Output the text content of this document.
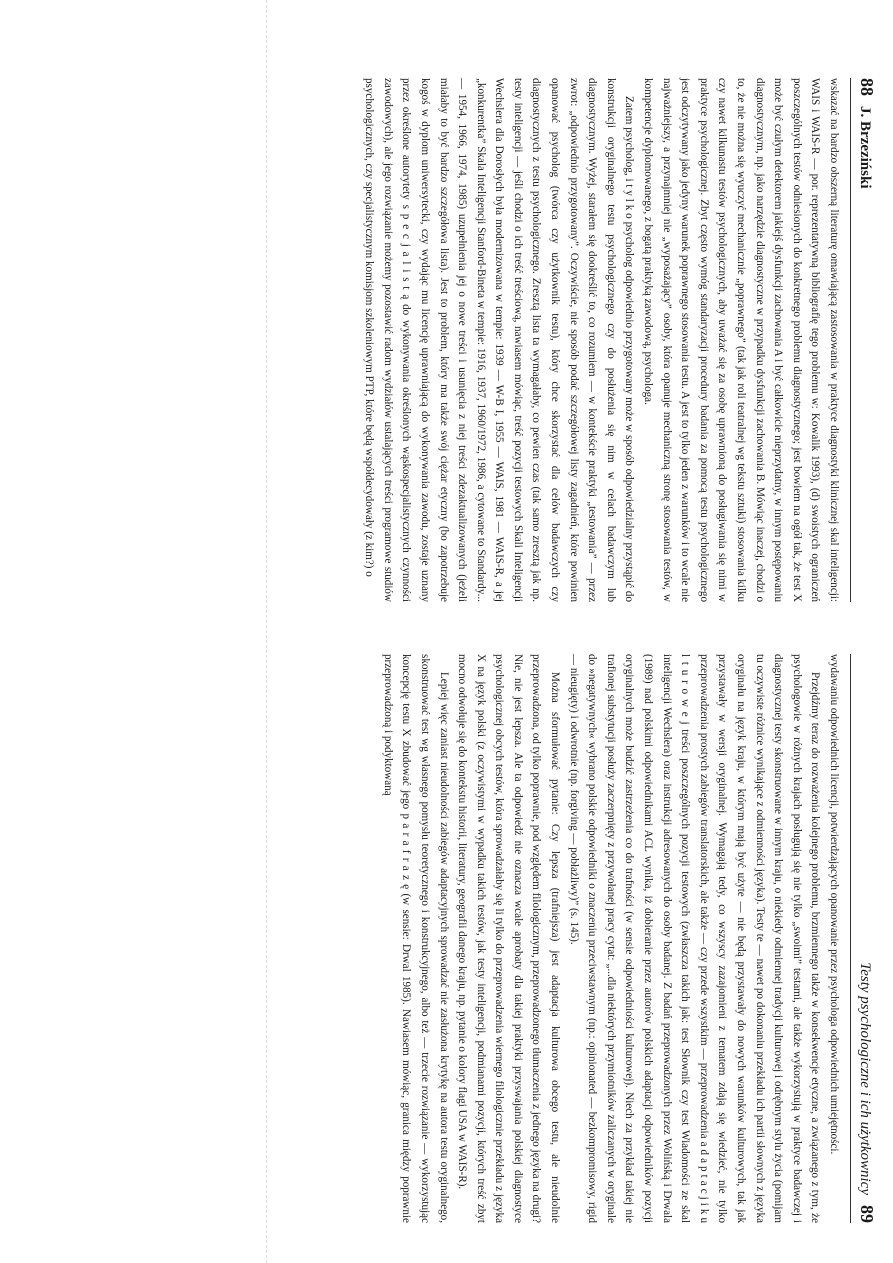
88
J. Brzeziński

wskazać na bardzo obszerną literaturę omawiającą zastosowania w praktyce diagnostyki klinicznej skal inteligencji: WAIS i WAIS-R — por. reprezentatywną bibliografię tego problemu w: Kowalik 1993), (d) swoistych ograniczeń poszczególnych testów odniesionych do konkretnego problemu diagnostycznego; jest bowiem na ogół tak, że test X może być czułym detektorem jakiejś dysfunkcji zachowania A i być całkowicie nieprzydatny, w innym postępowaniu diagnostycznym, np. jako narzędzie diagnostyczne w przypadku dysfunkcji zachowania B. Mówiąc inaczej, chodzi o to, że nie można się wyuczyć mechanicznie „poprawnego” (tak jak roli teatralnej wg tekstu sztuki) stosowania kilku czy nawet kilkunastu testów psychologicznych, aby uważać się za osobę uprawnioną do posługiwania się nimi w praktyce psychologicznej. Zbyt często wymóg standaryzacji procedury badania za pomocą testu psychologicznego jest odczytywany jako jedyny warunek poprawnego stosowania testu. A jest to tylko jeden z warunków i to wcale nie najważniejszy, a przynajmniej nie „wyposażający” osoby, która opanuje mechaniczną stronę stosowania testów, w kompetencje dyplomowanego, z bogatą praktyką zawodową, psychologa.

Zatem psycholog, i t y l k o psycholog odpowiednio przygotowany może w sposób odpowiedzialny przystąpić do konstrukcji oryginalnego testu psychologicznego czy do posłużenia się nim w celach badawczym lub diagnostycznym. Wyżej, starałem się dookreślić to, co rozumiem — w kontekście praktyki „testowania” — przez zwrot: „odpowiednio przygotowany”. Oczywiście, nie sposób podać szczegółowej listy zagadnień, które powinien opanować psycholog (twórca czy użytkownik testu), który chce skorzystać dla celów badawczych czy diagnostycznych z testu psychologicznego. Zresztą lista ta wymagałaby, co pewien czas (tak samo zresztą jak np. testy inteligencji — jeśli chodzi o ich treść treściową, nawiasem mówiąc, treść pozycji testowych Skali Inteligencji Wechslera dla Dorosłych była modernizowana w tempie: 1939 — W-B I, 1955 — WAIS, 1981 — WAIS-R, a jej „konkurentka” Skala Inteligencji Stanford-Bineta w tempie: 1916, 1937, 1960/1972, 1986, a cytowane to Standardy... — 1954, 1966, 1974, 1985) uzupełnienia jej o nowe treści i usunięcia z niej treści zdezaktualizowanych (jeżeli miałaby to być bardzo szczegółowa lista). Jest to problem, który ma także swój ciężar etyczny (bo zapotrzebuje kogoś w dyplom uniwersytecki, czy wydając mu licencję uprawniającą do wykonywania zawodu, zostaje uznany przez określone autorytety s p e c j a l i s t ą do wykonywania określonych wąskospecjalistycznych czynności zawodowych), ale jego rozwiązanie możemy pozostawić radom wydziałów ustalających treści programowe studiów psychologicznych, czy specjalistycznym komisjom szkoleniowym PTP, które będą współdecydowały (z kim?) o

Testy psychologiczne i ich użytkownicy
89

wydawaniu odpowiednich licencji, potwierdzających opanowanie przez psychologa odpowiednich umiejętności.

Przejdźmy teraz do rozważenia kolejnego problemu, brzmiennego także w konsekwencje etyczne, a związanego z tym, że psychologowie w różnych krajach posługują się nie tylko „swoimi” testami, ale także wykorzystują w praktyce badawczej i diagnostycznej testy skonstruowane w innym kraju, o niekiedy odmiennej tradycji kulturowej i odrębnym stylu życia (pomijam tu oczywiste różnice wynikające z odmienności języka). Testy te — nawet po dokonaniu przekładu ich partii słownych z języka oryginału na język kraju, w którym mają być użyte — nie będą przystawały do nowych warunków kulturowych, tak jak przystawały w wersji oryginalnej. Wymagają tedy, co wszyscy zazajomieni z tematem zdają się wiedzieć, nie tylko przeprowadzenia prostych zabiegów translatorskich, ale także — czy przede wszystkim — przeprowadzenia a d a p t a c j i k u l t u r o w e j treści poszczególnych pozycji testowych (zwłaszcza takich jak: test Słownik czy test Wiadomości ze skal inteligencji Wechslera) oraz instrukcji adresowanych do osoby badanej. Z badań przeprowadzonych przez Wolińską i Drwala (1989) nad polskimi odpowiednikami ACL wynika, iż dobieranie przez autorów polskich adaptacji odpowiedników pozycji oryginalnych może budzić zastrzeżenia co do trafności (w sensie odpowiedniości kulturowej). Niech za przykład takiej nie trafionej substytucji posłuży zaczerpnięty z przywołanej pracy cytat: „...dla niektórych przymiotników zaliczanych w oryginale do »negatywnych« wybrano polskie odpowiedniki o znaczeniu przeciwstawnym (np.: opinionated — bezkompromisowy, rigid — nieugięty) i odwrotnie (np. forgiving — pobłażliwy)” (s. 145).

Można sformułować pytanie: Czy lepsza (trafniejsza) jest adaptacja kulturowa obcego testu, ale nieudolnie przeprowadzona, od tylko poprawnie, pod względem filologicznym, przeprowadzonego tłumaczenia z jednego języka na drugi? Nie, nie jest lepsza. Ale ta odpowiedź nie oznacza wcale aprobaty dla takiej praktyki przyswajania polskiej diagnostyce psychologicznej obcych testów, która sprowadzałaby się li tylko do przeprowadzenia wiernego filologicznie przekładu z języka X na język polski (z oczywistymi w wypadku takich testów, jak testy inteligencji, podmianami pozycji, których treść zbyt mocno odwołuje się do kontekstu historii, literatury, geografii danego kraju, np. pytanie o kolory flagi USA w WAIS-R).

Lepiej więc zaniast nieudolności zabiegów adaptacyjnych sprowadzać nie zasłużona krytykę na autora testu oryginalnego, skonstruować test wg własnego pomysłu teoretycznego i konstrukcyjnego, albo też — trzecie rozwiązanie — wykorzystując koncepcję testu X zbudować jego p a r a f r a z ę (w sensie: Drwal 1985). Nawiasem mówiąc, granica między poprawnie przeprowadzoną i podyktowaną
